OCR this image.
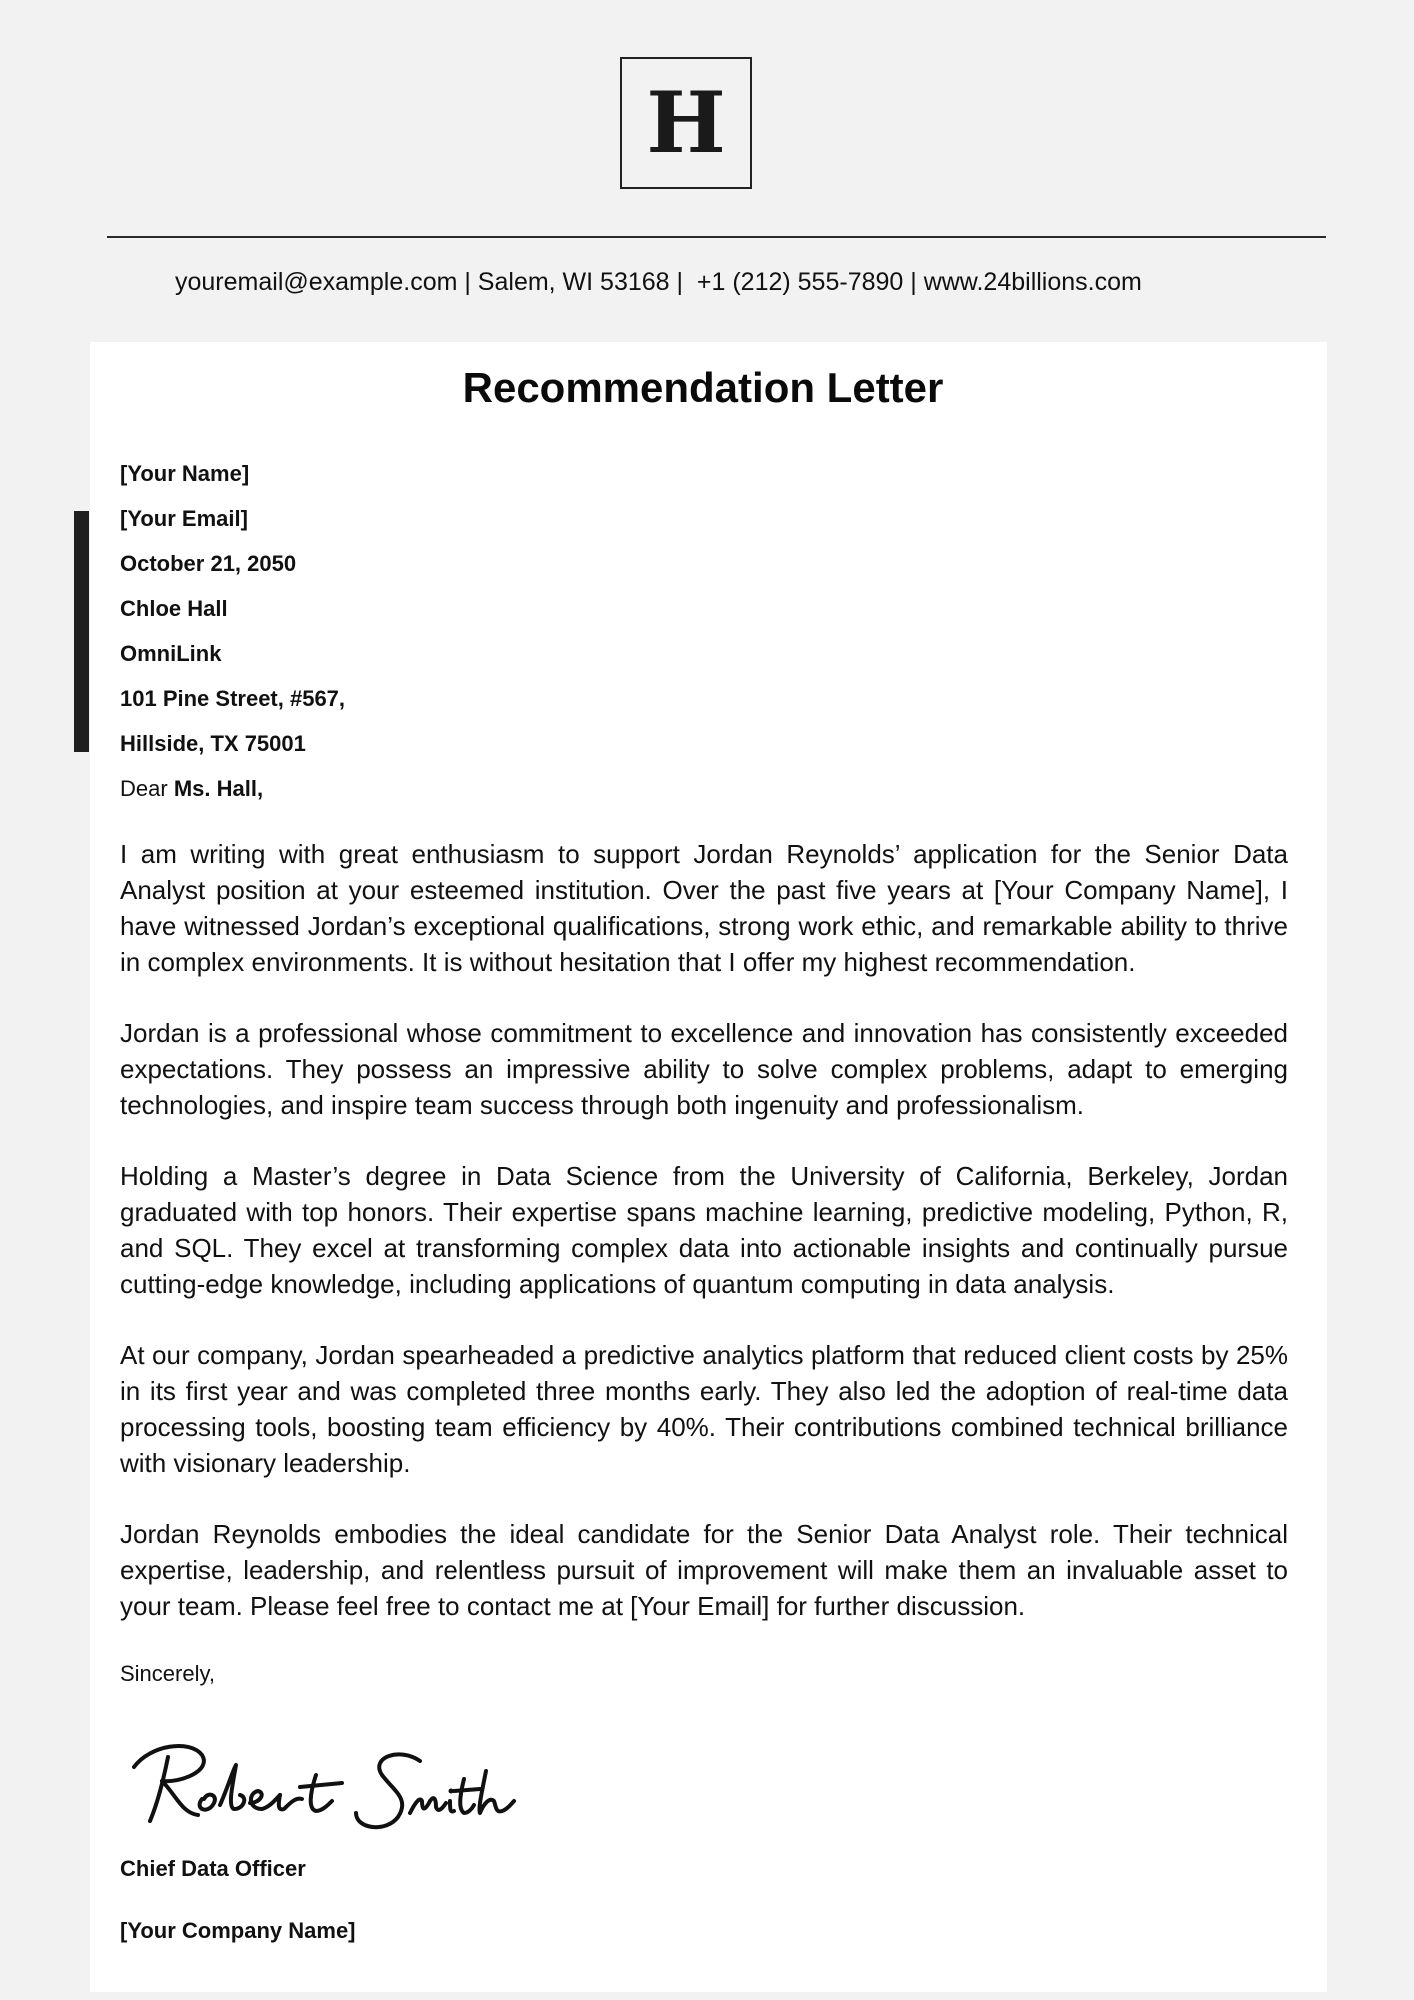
H
youremail@example.com | Salem, WI 53168 |  +1 (212) 555-7890 | www.24billions.com
Recommendation Letter
[Your Name]
[Your Email]
October 21, 2050
Chloe Hall
OmniLink
101 Pine Street, #567,
Hillside, TX 75001
Dear Ms. Hall,

I am writing with great enthusiasm to support Jordan Reynolds’ application for the Senior Data Analyst position at your esteemed institution. Over the past five years at [Your Company Name], I have witnessed Jordan’s exceptional qualifications, strong work ethic, and remarkable ability to thrive in complex environments. It is without hesitation that I offer my highest recommendation.

Jordan is a professional whose commitment to excellence and innovation has consistently exceeded expectations. They possess an impressive ability to solve complex problems, adapt to emerging technologies, and inspire team success through both ingenuity and professionalism.

Holding a Master’s degree in Data Science from the University of California, Berkeley, Jordan graduated with top honors. Their expertise spans machine learning, predictive modeling, Python, R, and SQL. They excel at transforming complex data into actionable insights and continually pursue cutting-edge knowledge, including applications of quantum computing in data analysis.

At our company, Jordan spearheaded a predictive analytics platform that reduced client costs by 25% in its first year and was completed three months early. They also led the adoption of real-time data processing tools, boosting team efficiency by 40%. Their contributions combined technical brilliance with visionary leadership.

Jordan Reynolds embodies the ideal candidate for the Senior Data Analyst role. Their technical expertise, leadership, and relentless pursuit of improvement will make them an invaluable asset to your team. Please feel free to contact me at [Your Email] for further discussion.

Sincerely,
Chief Data Officer
[Your Company Name]
